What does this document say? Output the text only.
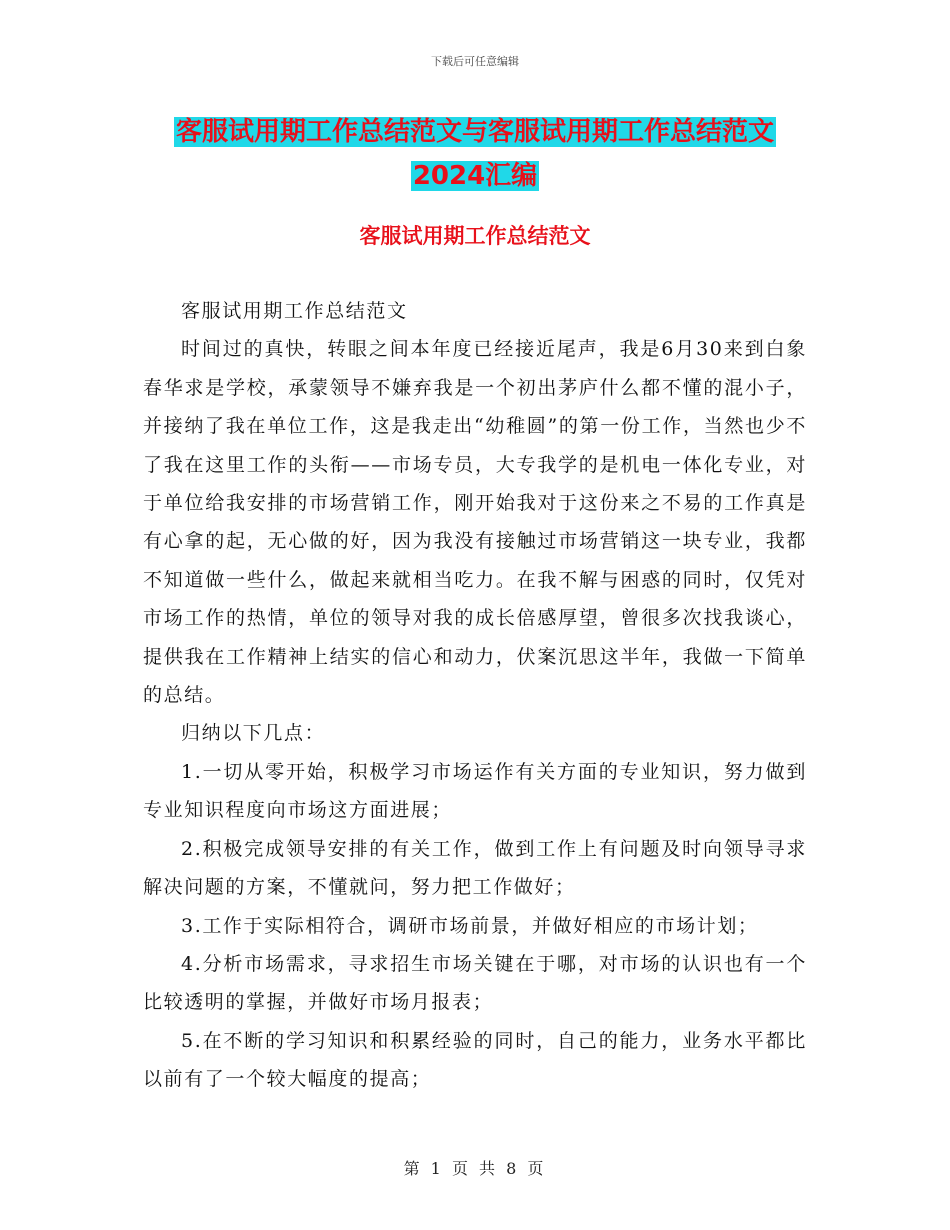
下载后可任意编辑
客服试用期工作总结范文与客服试用期工作总结范文
2024汇编
客服试用期工作总结范文

客服试用期工作总结范文

时间过的真快，转眼之间本年度已经接近尾声，我是6月30来到白象春华求是学校，承蒙领导不嫌弃我是一个初出茅庐什么都不懂的混小子，并接纳了我在单位工作，这是我走出“幼稚圆”的第一份工作，当然也少不了我在这里工作的头衔——市场专员，大专我学的是机电一体化专业，对于单位给我安排的市场营销工作，刚开始我对于这份来之不易的工作真是有心拿的起，无心做的好，因为我没有接触过市场营销这一块专业，我都不知道做一些什么，做起来就相当吃力。在我不解与困惑的同时，仅凭对市场工作的热情，单位的领导对我的成长倍感厚望，曾很多次找我谈心，提供我在工作精神上结实的信心和动力，伏案沉思这半年，我做一下简单的总结。

归纳以下几点：

1.一切从零开始，积极学习市场运作有关方面的专业知识，努力做到专业知识程度向市场这方面进展；

2.积极完成领导安排的有关工作，做到工作上有问题及时向领导寻求解决问题的方案，不懂就问，努力把工作做好；

3.工作于实际相符合，调研市场前景，并做好相应的市场计划；

4.分析市场需求，寻求招生市场关键在于哪，对市场的认识也有一个比较透明的掌握，并做好市场月报表；

5.在不断的学习知识和积累经验的同时，自己的能力，业务水平都比以前有了一个较大幅度的提高；

第 1 页 共 8 页
